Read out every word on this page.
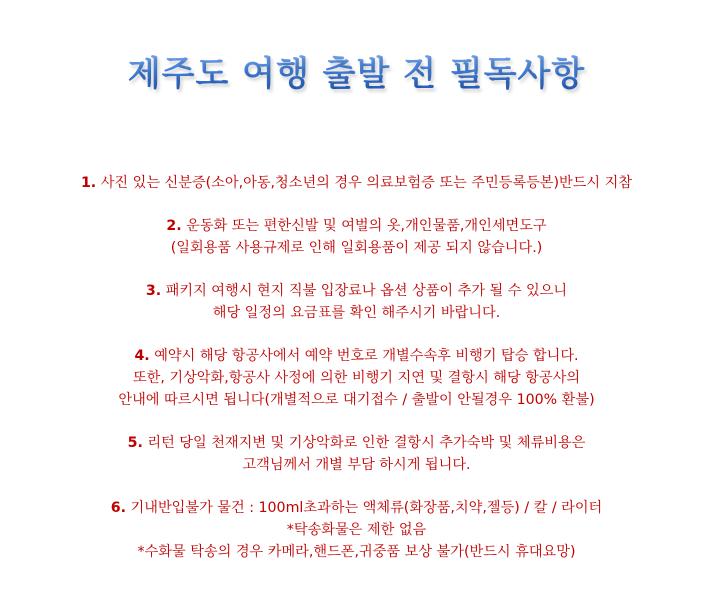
제주도 여행 출발 전 필독사항
1. 사진 있는 신분증(소아,아동,청소년의 경우 의료보험증 또는 주민등록등본)반드시 지참
2. 운동화 또는 편한신발 및 여벌의 옷,개인물품,개인세면도구
(일회용품 사용규제로 인해 일회용품이 제공 되지 않습니다.)
3. 패키지 여행시 현지 직불 입장료나 옵션 상품이 추가 될 수 있으니
해당 일정의 요금표를 확인 해주시기 바랍니다.
4. 예약시 해당 항공사에서 예약 번호로 개별수속후 비행기 탑승 합니다.
또한, 기상악화,항공사 사정에 의한 비행기 지연 및 결항시 해당 항공사의
안내에 따르시면 됩니다(개별적으로 대기접수 / 출발이 안될경우 100% 환불)
5. 리턴 당일 천재지변 및 기상악화로 인한 결항시 추가숙박 및 체류비용은
고객님께서 개별 부담 하시게 됩니다.
6. 기내반입불가 물건 : 100ml초과하는 액체류(화장품,치약,젤등) / 칼 / 라이터
*탁송화물은 제한 없음
*수화물 탁송의 경우 카메라,핸드폰,귀중품 보상 불가(반드시 휴대요망)
